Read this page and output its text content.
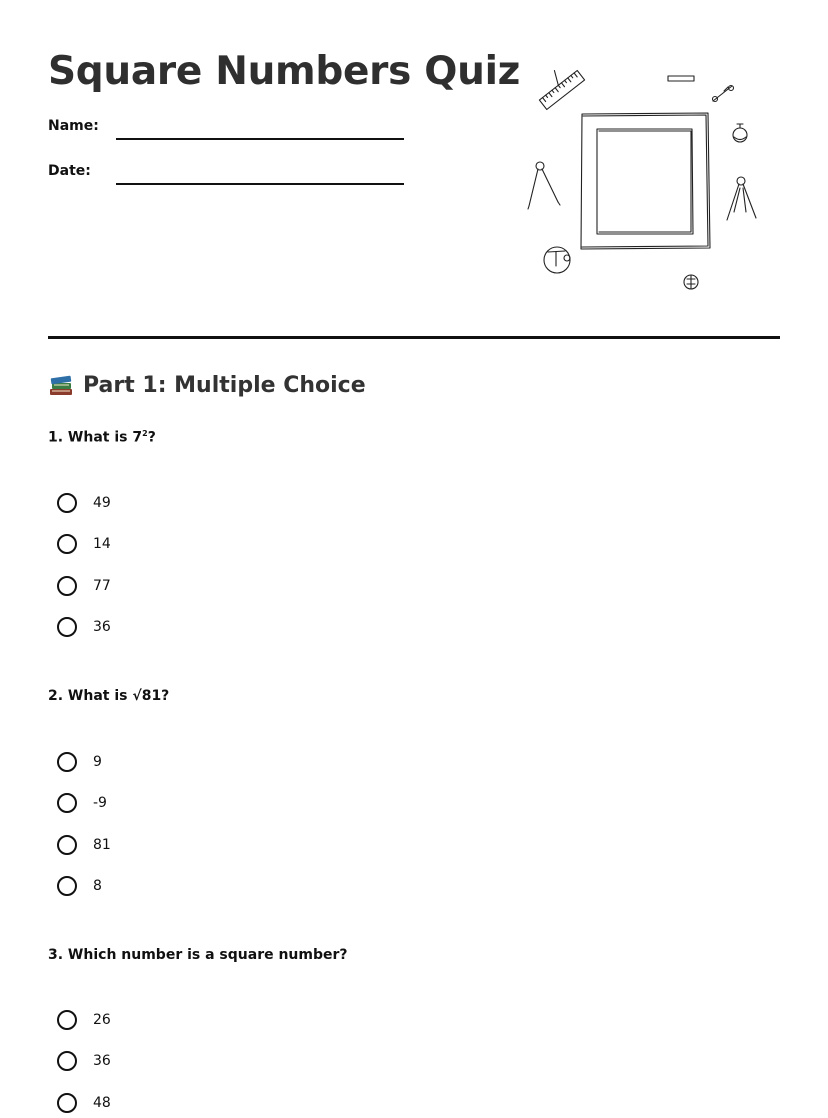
Square Numbers Quiz
Name:
Date:
Part 1: Multiple Choice

1. What is $7^2$?

49
14
77
36

2. What is √81?

9
-9
81
8

3. Which number is a square number?

26
36
48
